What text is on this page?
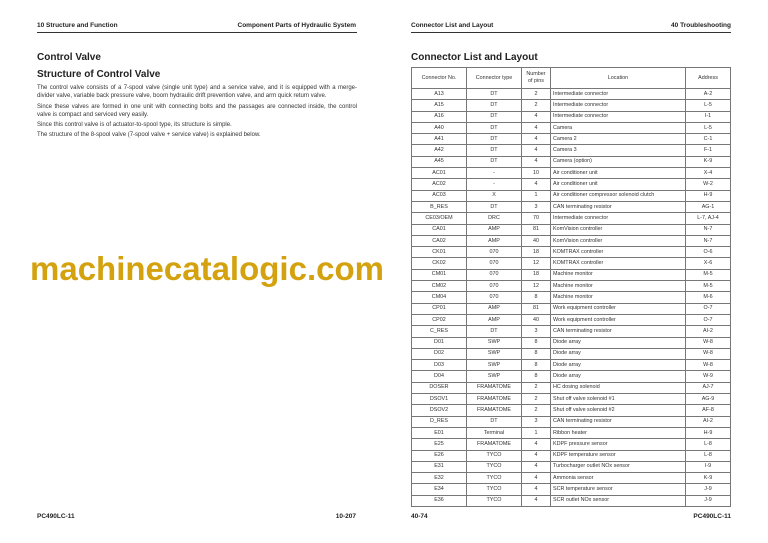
10 Structure and Function	Component Parts of Hydraulic System
Control Valve
Structure of Control Valve
The control valve consists of a 7-spool valve (single unit type) and a service valve, and it is equipped with a merge-divider valve, variable back pressure valve, boom hydraulic drift prevention valve, and arm quick return valve.
Since these valves are formed in one unit with connecting bolts and the passages are connected inside, the control valve is compact and serviced very easily.
Since this control valve is of actuator-to-spool type, its structure is simple.
The structure of the 8-spool valve (7-spool valve + service valve) is explained below.
PC490LC-11	10-207
Connector List and Layout	40 Troubleshooting
Connector List and Layout
40-74	PC490LC-11
Connector No.	Connector type	Number of pins	Location	Address
A13	DT	2	Intermediate connector	A-2
A15	DT	2	Intermediate connector	L-5
A16	DT	4	Intermediate connector	I-1
A40	DT	4	Camera	L-5
A41	DT	4	Camera 2	C-1
A42	DT	4	Camera 3	F-1
A45	DT	4	Camera (option)	K-9
AC01	-	10	Air conditioner unit	X-4
AC02	-	4	Air conditioner unit	W-2
AC03	X	1	Air conditioner compressor solenoid clutch	H-9
B_RES	DT	3	CAN terminating resistor	AG-1
CE03/OEM	DRC	70	Intermediate connector	L-7, AJ-4
CA01	AMP	81	KomVision controller	N-7
CA02	AMP	40	KomVision controller	N-7
CK01	070	18	KOMTRAX controller	O-6
CK02	070	12	KOMTRAX controller	X-6
CM01	070	18	Machine monitor	M-5
CM02	070	12	Machine monitor	M-5
CM04	070	8	Machine monitor	M-6
CP01	AMP	81	Work equipment controller	O-7
CP02	AMP	40	Work equipment controller	O-7
C_RES	DT	3	CAN terminating resistor	AI-2
D01	SWP	8	Diode array	W-8
D02	SWP	8	Diode array	W-8
D03	SWP	8	Diode array	W-8
D04	SWP	8	Diode array	W-9
DOSER	FRAMATOME	2	HC dosing solenoid	AJ-7
DSOV1	FRAMATOME	2	Shut off valve solenoid #1	AG-9
DSOV2	FRAMATOME	2	Shut off valve solenoid #2	AF-8
D_RES	DT	3	CAN terminating resistor	AI-2
E01	Terminal	1	Ribbon heater	H-9
E25	FRAMATOME	4	KDPF pressure sensor	L-8
E26	TYCO	4	KDPF temperature sensor	L-8
E31	TYCO	4	Turbocharger outlet NOx sensor	I-9
E32	TYCO	4	Ammonia sensor	K-9
E34	TYCO	4	SCR temperature sensor	J-9
E36	TYCO	4	SCR outlet NOx sensor	J-9
machinecatalogic.com
